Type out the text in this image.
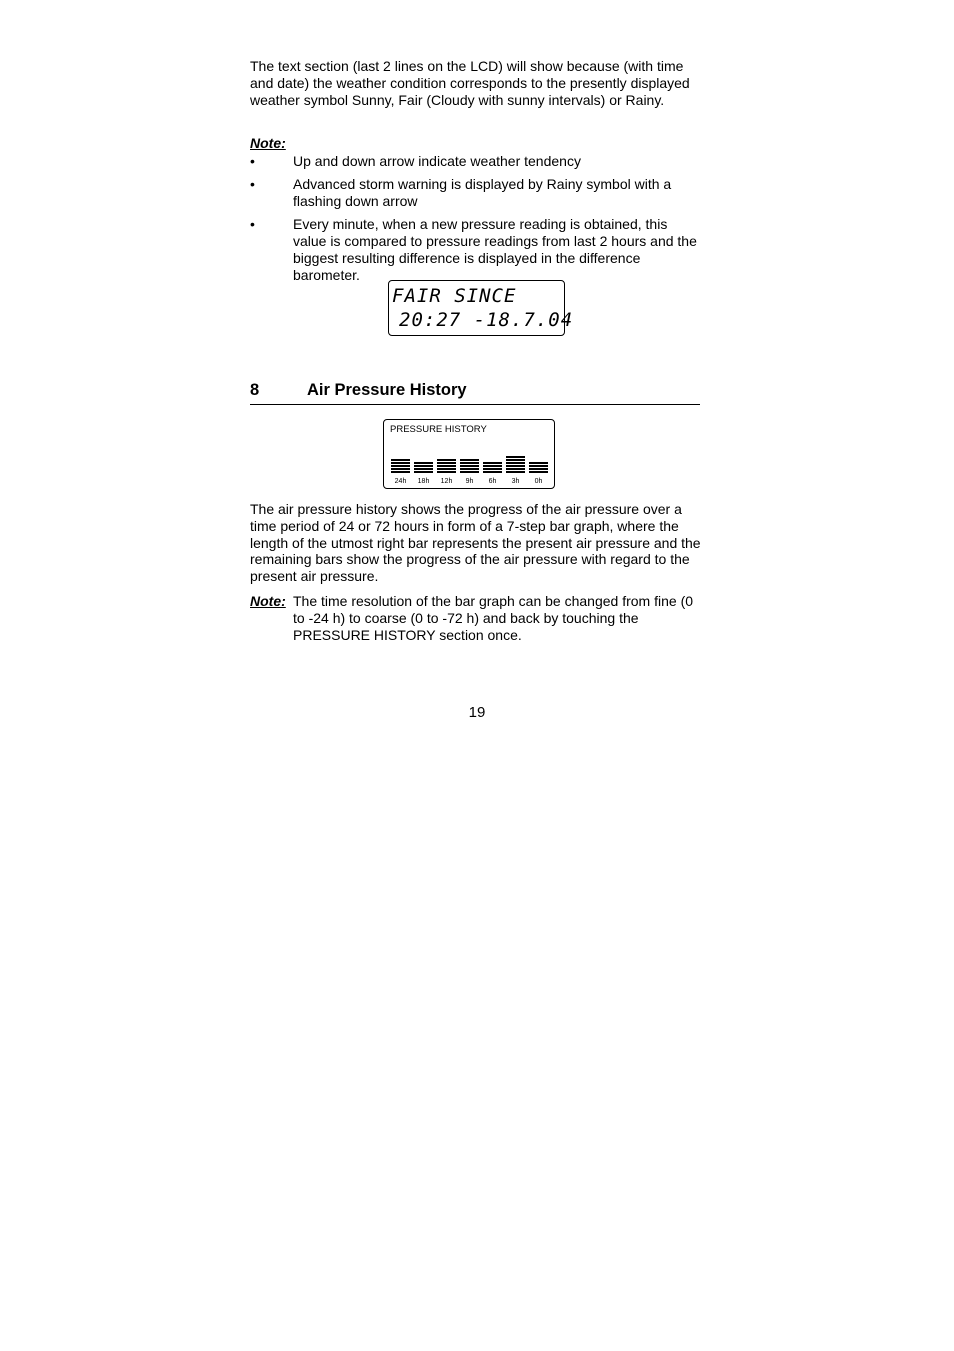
The text section (last 2 lines on the LCD) will show because (with time and date) the weather condition corresponds to the presently displayed weather symbol Sunny, Fair (Cloudy with sunny intervals) or Rainy.
Note:
•	Up and down arrow indicate weather tendency
•	Advanced storm warning is displayed by Rainy symbol with a flashing down arrow
•	Every minute, when a new pressure reading is obtained, this value is compared to pressure readings from last 2 hours and the biggest resulting difference is displayed in the difference barometer.
FAIR SINCE
20:27 -18.7.04
8	Air Pressure History
PRESSURE HISTORY
24h 18h 12h 9h 6h 3h 0h
The air pressure history shows the progress of the air pressure over a time period of 24 or 72 hours in form of a 7-step bar graph, where the length of the utmost right bar represents the present air pressure and the remaining bars show the progress of the air pressure with regard to the present air pressure.
Note: The time resolution of the bar graph can be changed from fine (0 to -24 h) to coarse (0 to -72 h) and back by touching the PRESSURE HISTORY section once.
19
